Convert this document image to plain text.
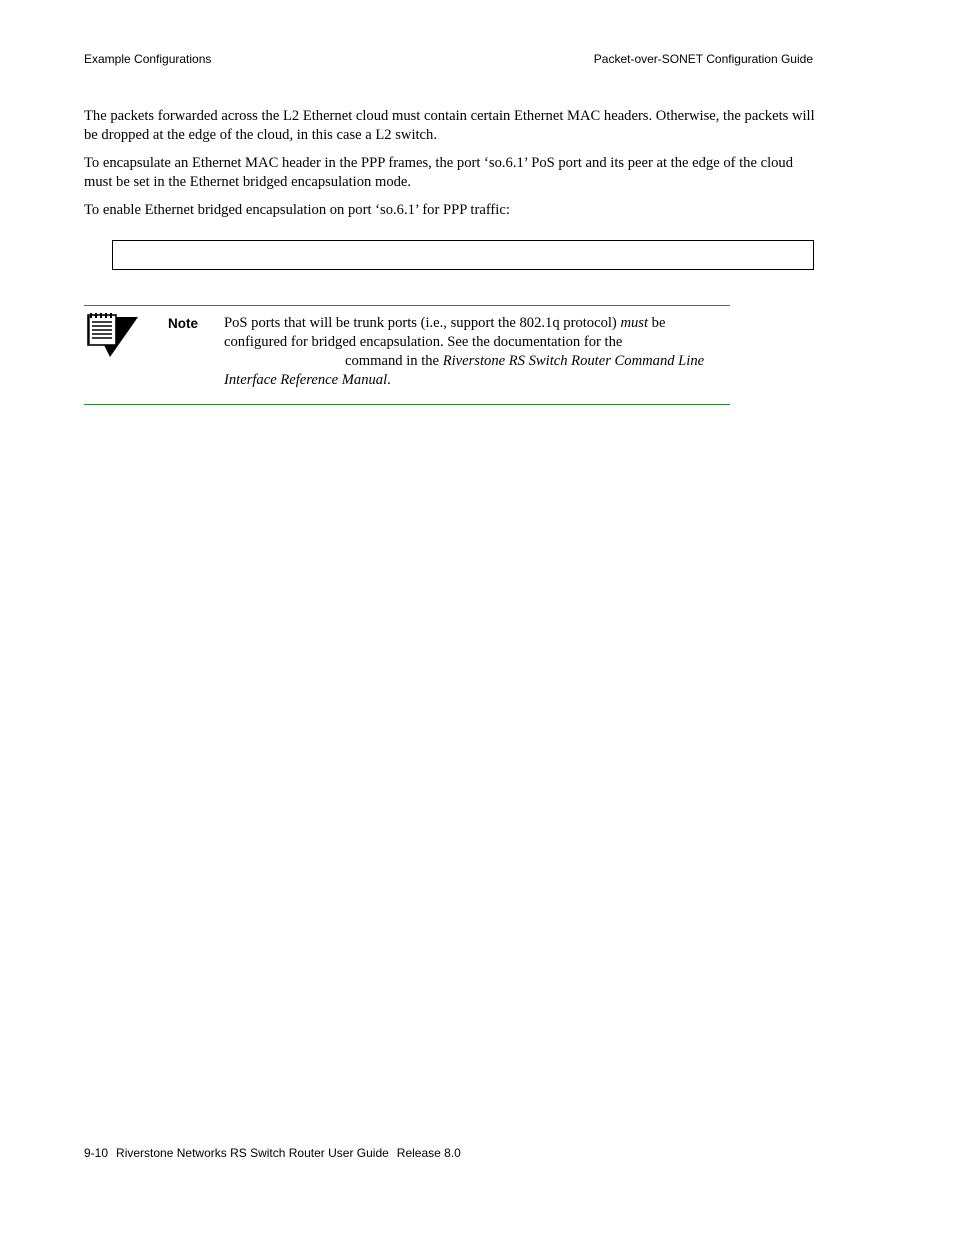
Example Configurations	Packet-over-SONET Configuration Guide

The packets forwarded across the L2 Ethernet cloud must contain certain Ethernet MAC headers. Otherwise, the packets will be dropped at the edge of the cloud, in this case a L2 switch.

To encapsulate an Ethernet MAC header in the PPP frames, the port ‘so.6.1’ PoS port and its peer at the edge of the cloud must be set in the Ethernet bridged encapsulation mode.

To enable Ethernet bridged encapsulation on port ‘so.6.1’ for PPP traffic:

Note PoS ports that will be trunk ports (i.e., support the 802.1q protocol) must be
configured for bridged encapsulation. See the documentation for the
command in the Riverstone RS Switch Router Command Line
Interface Reference Manual.
9-10 Riverstone Networks RS Switch Router User Guide Release 8.0
